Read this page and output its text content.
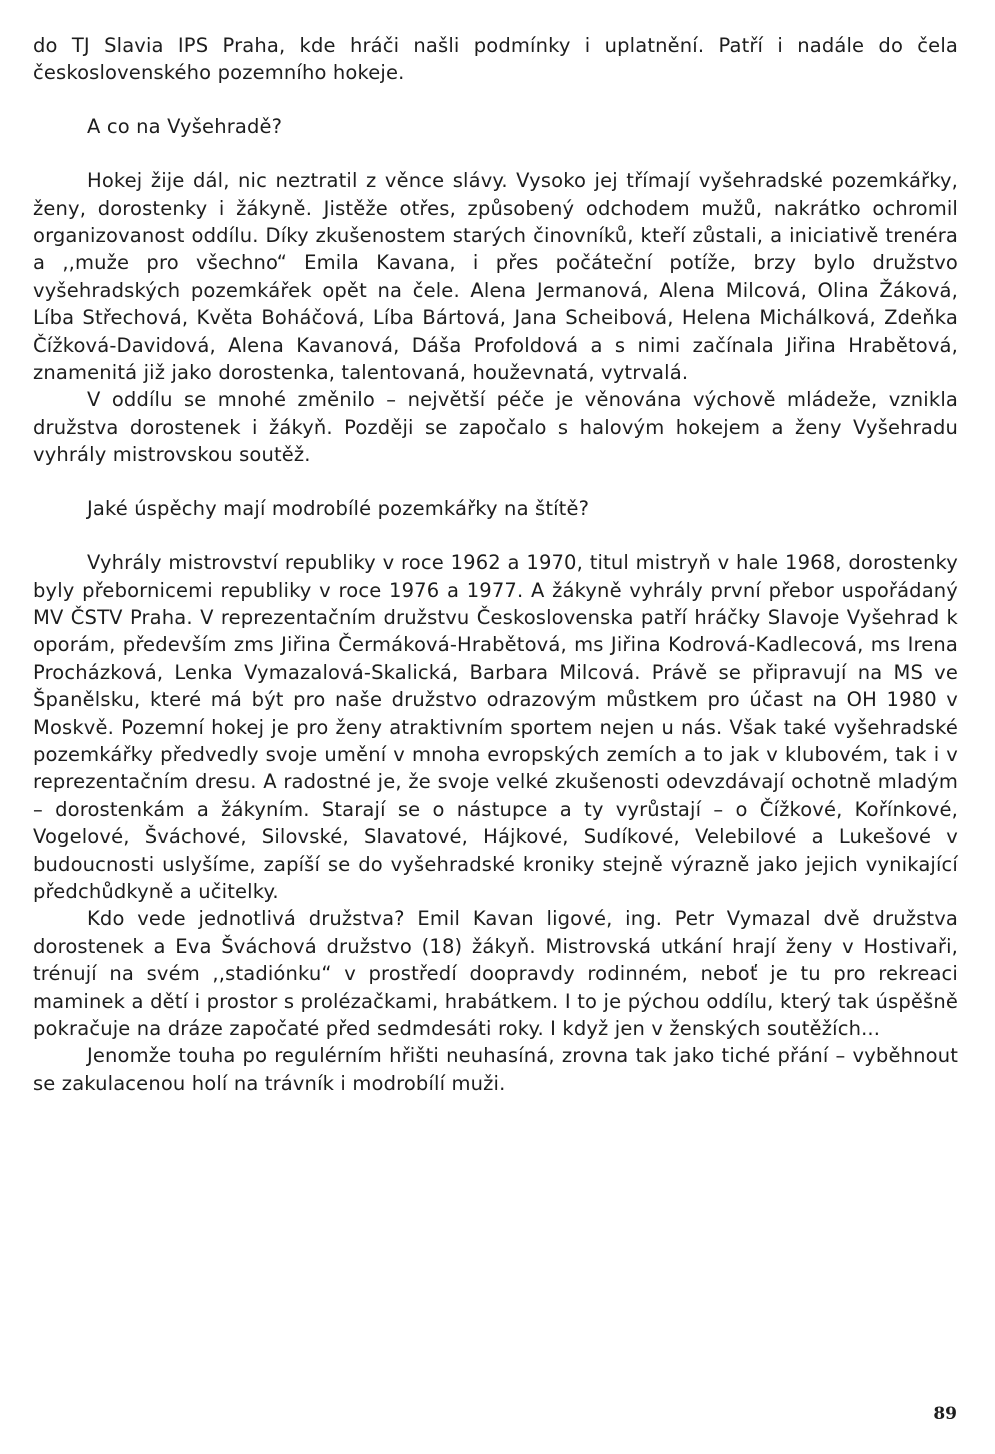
do TJ Slavia IPS Praha, kde hráči našli podmínky i uplatnění. Patří i nadále do čela československého pozemního hokeje.

A co na Vyšehradě?

Hokej žije dál, nic neztratil z věnce slávy. Vysoko jej třímají vyšehradské pozemkářky, ženy, dorostenky i žákyně. Jistěže otřes, způsobený odchodem mužů, nakrátko ochromil organizovanost oddílu. Díky zkušenostem starých činovníků, kteří zůstali, a iniciativě trenéra a ,,muže pro všechno“ Emila Kavana, i přes počáteční potíže, brzy bylo družstvo vyšehradských pozemkářek opět na čele. Alena Jermanová, Alena Milcová, Olina Žáková, Líba Střechová, Květa Boháčová, Líba Bártová, Jana Scheibová, Helena Michálková, Zdeňka Čížková-Davidová, Alena Kavanová, Dáša Profoldová a s nimi začínala Jiřina Hrabětová, znamenitá již jako dorostenka, talentovaná, houževnatá, vytrvalá.

V oddílu se mnohé změnilo – největší péče je věnována výchově mládeže, vznikla družstva dorostenek i žákyň. Později se započalo s halovým hokejem a ženy Vyšehradu vyhrály mistrovskou soutěž.

Jaké úspěchy mají modrobílé pozemkářky na štítě?

Vyhrály mistrovství republiky v roce 1962 a 1970, titul mistryň v hale 1968, dorostenky byly přebornicemi republiky v roce 1976 a 1977. A žákyně vyhrály první přebor uspořádaný MV ČSTV Praha. V reprezentačním družstvu Československa patří hráčky Slavoje Vyšehrad k oporám, především zms Jiřina Čermáková-Hrabětová, ms Jiřina Kodrová-Kadlecová, ms Irena Procházková, Lenka Vymazalová-Skalická, Barbara Milcová. Právě se připravují na MS ve Španělsku, které má být pro naše družstvo odrazovým můstkem pro účast na OH 1980 v Moskvě. Pozemní hokej je pro ženy atraktivním sportem nejen u nás. Však také vyšehradské pozemkářky předvedly svoje umění v mnoha evropských zemích a to jak v klubovém, tak i v reprezentačním dresu. A radostné je, že svoje velké zkušenosti odevzdávají ochotně mladým – dorostenkám a žákyním. Starají se o nástupce a ty vyrůstají – o Čížkové, Kořínkové, Vogelové, Šváchové, Silovské, Slavatové, Hájkové, Sudíkové, Velebilové a Lukešové v budoucnosti uslyšíme, zapíší se do vyšehradské kroniky stejně výrazně jako jejich vynikající předchůdkyně a učitelky.

Kdo vede jednotlivá družstva? Emil Kavan ligové, ing. Petr Vymazal dvě družstva dorostenek a Eva Šváchová družstvo (18) žákyň. Mistrovská utkání hrají ženy v Hostivaři, trénují na svém ,,stadiónku“ v prostředí doopravdy rodinném, neboť je tu pro rekreaci maminek a dětí i prostor s prolézačkami, hrabátkem. I to je pýchou oddílu, který tak úspěšně pokračuje na dráze započaté před sedmdesáti roky. I když jen v ženských soutěžích...

Jenomže touha po regulérním hřišti neuhasíná, zrovna tak jako tiché přání – vyběhnout se zakulacenou holí na trávník i modrobílí muži.

89
